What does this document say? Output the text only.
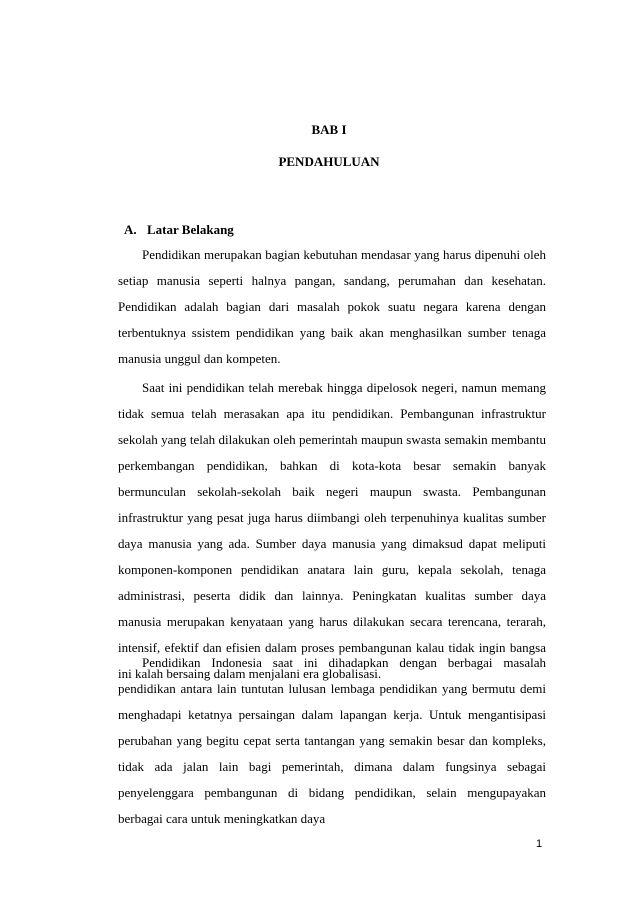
BAB I
PENDAHULUAN
A. Latar Belakang

Pendidikan merupakan bagian kebutuhan mendasar yang harus dipenuhi oleh setiap manusia seperti halnya pangan, sandang, perumahan dan kesehatan. Pendidikan adalah bagian dari masalah pokok suatu negara karena dengan terbentuknya ssistem pendidikan yang baik akan menghasilkan sumber tenaga manusia unggul dan kompeten.

Saat ini pendidikan telah merebak hingga dipelosok negeri, namun memang tidak semua telah merasakan apa itu pendidikan. Pembangunan infrastruktur sekolah yang telah dilakukan oleh pemerintah maupun swasta semakin membantu perkembangan pendidikan, bahkan di kota-kota besar semakin banyak bermunculan sekolah-sekolah baik negeri maupun swasta. Pembangunan infrastruktur yang pesat juga harus diimbangi oleh terpenuhinya kualitas sumber daya manusia yang ada. Sumber daya manusia yang dimaksud dapat meliputi komponen-komponen pendidikan anatara lain guru, kepala sekolah, tenaga administrasi, peserta didik dan lainnya. Peningkatan kualitas sumber daya manusia merupakan kenyataan yang harus dilakukan secara terencana, terarah, intensif, efektif dan efisien dalam proses pembangunan kalau tidak ingin bangsa ini kalah bersaing dalam menjalani era globalisasi.

Pendidikan Indonesia saat ini dihadapkan dengan berbagai masalah pendidikan antara lain tuntutan lulusan lembaga pendidikan yang bermutu demi menghadapi ketatnya persaingan dalam lapangan kerja. Untuk mengantisipasi perubahan yang begitu cepat serta tantangan yang semakin besar dan kompleks, tidak ada jalan lain bagi pemerintah, dimana dalam fungsinya sebagai penyelenggara pembangunan di bidang pendidikan, selain mengupayakan berbagai cara untuk meningkatkan daya

1
